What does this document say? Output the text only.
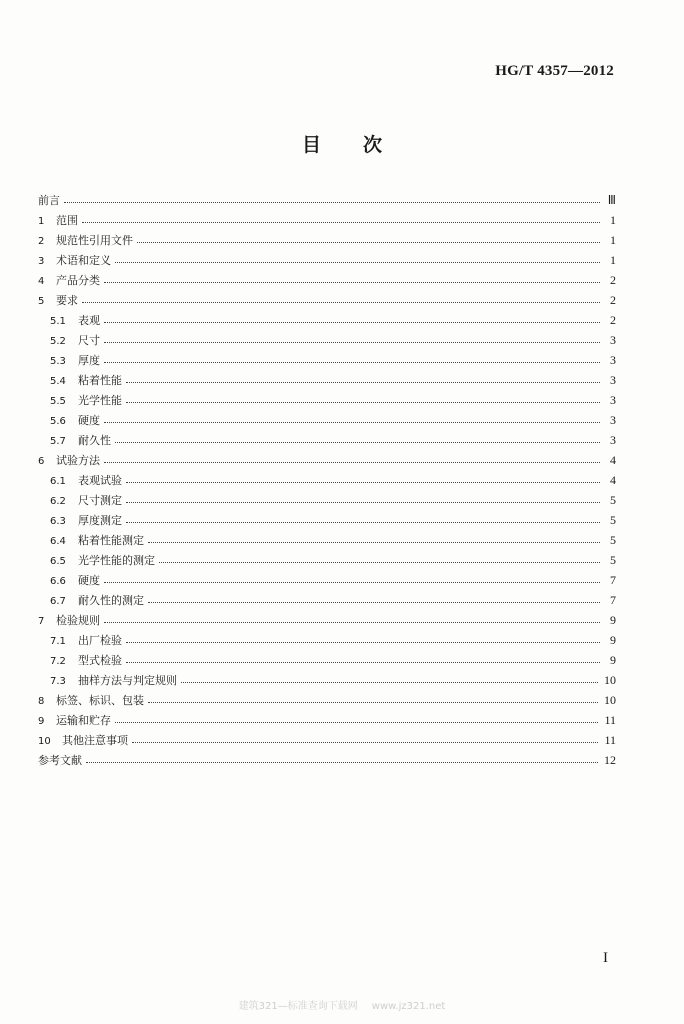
HG/T 4357—2012
目 次
前言	Ⅲ
1	范围	1
2	规范性引用文件	1
3	术语和定义	1
4	产品分类	2
5	要求	2
5.1	表观	2
5.2	尺寸	3
5.3	厚度	3
5.4	粘着性能	3
5.5	光学性能	3
5.6	硬度	3
5.7	耐久性	3
6	试验方法	4
6.1	表观试验	4
6.2	尺寸测定	5
6.3	厚度测定	5
6.4	粘着性能测定	5
6.5	光学性能的测定	5
6.6	硬度	7
6.7	耐久性的测定	7
7	检验规则	9
7.1	出厂检验	9
7.2	型式检验	9
7.3	抽样方法与判定规则	10
8	标签、标识、包装	10
9	运输和贮存	11
10	其他注意事项	11
参考文献	12
I
建筑321—标准查询下载网 www.jz321.net
